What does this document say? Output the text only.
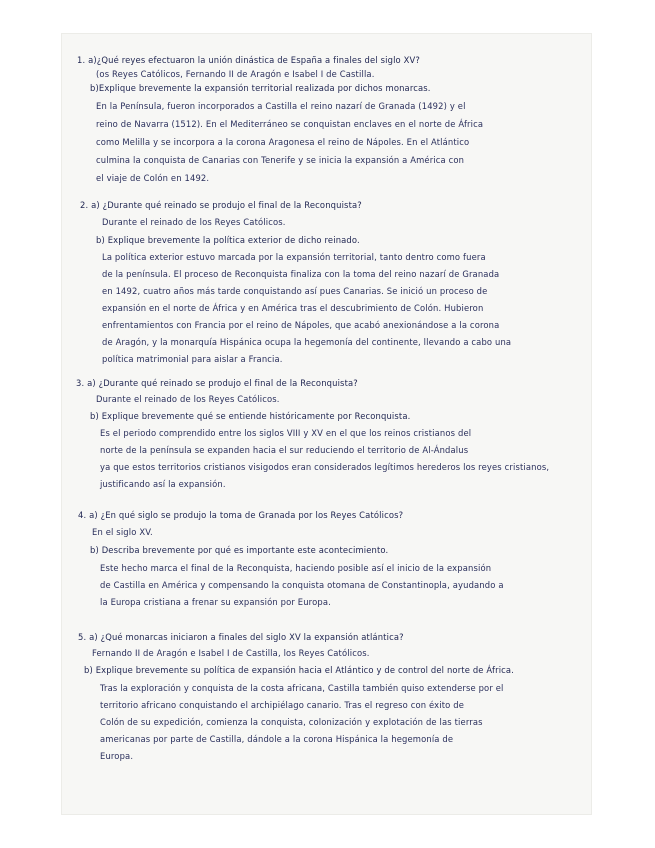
1. a)¿Qué reyes efectuaron la unión dinástica de España a finales del siglo XV?

(os Reyes Católicos, Fernando II de Aragón e Isabel I de Castilla.

b)Explique brevemente la expansión territorial realizada por dichos monarcas.

En la Península, fueron incorporados a Castilla el reino nazarí de Granada (1492) y el

reino de Navarra (1512). En el Mediterráneo se conquistan enclaves en el norte de África

como Melilla y se incorpora a la corona Aragonesa el reino de Nápoles. En el Atlántico

culmina la conquista de Canarias con Tenerife y se inicia la expansión a América con

el viaje de Colón en 1492.

2. a) ¿Durante qué reinado se produjo el final de la Reconquista?

Durante el reinado de los Reyes Católicos.

b) Explique brevemente la política exterior de dicho reinado.

La política exterior estuvo marcada por la expansión territorial, tanto dentro como fuera

de la península. El proceso de Reconquista finaliza con la toma del reino nazarí de Granada

en 1492, cuatro años más tarde conquistando así pues Canarias. Se inició un proceso de

expansión en el norte de África y en América tras el descubrimiento de Colón. Hubieron

enfrentamientos con Francia por el reino de Nápoles, que acabó anexionándose a la corona

de Aragón, y la monarquía Hispánica ocupa la hegemonía del continente, llevando a cabo una

política matrimonial para aislar a Francia.

3. a) ¿Durante qué reinado se produjo el final de la Reconquista?

Durante el reinado de los Reyes Católicos.

b) Explique brevemente qué se entiende históricamente por Reconquista.

Es el periodo comprendido entre los siglos VIII y XV en el que los reinos cristianos del

norte de la península se expanden hacia el sur reduciendo el territorio de Al-Ándalus

ya que estos territorios cristianos visigodos eran considerados legítimos herederos los reyes cristianos,

justificando así la expansión.

4. a) ¿En qué siglo se produjo la toma de Granada por los Reyes Católicos?

En el siglo XV.

b) Describa brevemente por qué es importante este acontecimiento.

Este hecho marca el final de la Reconquista, haciendo posible así el inicio de la expansión

de Castilla en América y compensando la conquista otomana de Constantinopla, ayudando a

la Europa cristiana a frenar su expansión por Europa.

5. a) ¿Qué monarcas iniciaron a finales del siglo XV la expansión atlántica?

Fernando II de Aragón e Isabel I de Castilla, los Reyes Católicos.

b) Explique brevemente su política de expansión hacia el Atlántico y de control del norte de África.

Tras la exploración y conquista de la costa africana, Castilla también quiso extenderse por el

territorio africano conquistando el archipiélago canario. Tras el regreso con éxito de

Colón de su expedición, comienza la conquista, colonización y explotación de las tierras

americanas por parte de Castilla, dándole a la corona Hispánica la hegemonía de

Europa.
